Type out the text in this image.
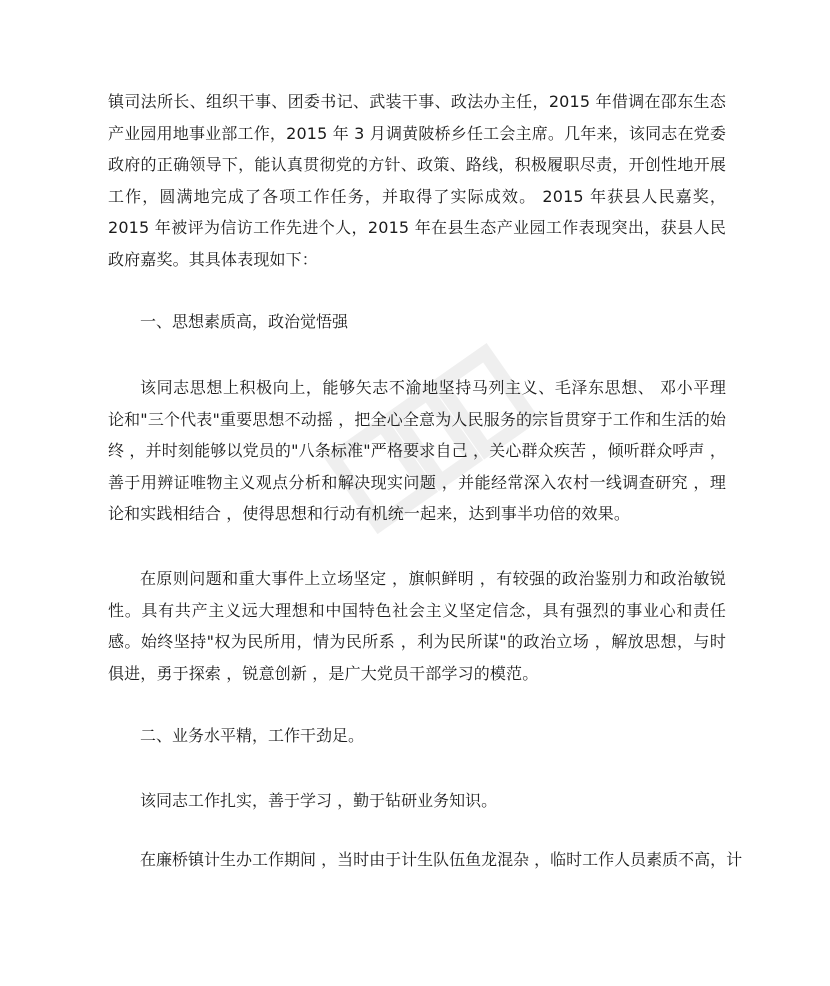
镇司法所长、组织干事、团委书记、武装干事、政法办主任，2015 年借调在邵东生态产业园用地事业部工作，2015 年 3 月调黄陂桥乡任工会主席。几年来，该同志在党委政府的正确领导下，能认真贯彻党的方针、政策、路线，积极履职尽责，开创性地开展工作，圆满地完成了各项工作任务，并取得了实际成效。 2015 年获县人民嘉奖，2015 年被评为信访工作先进个人，2015 年在县生态产业园工作表现突出，获县人民政府嘉奖。其具体表现如下：

一、思想素质高，政治觉悟强

该同志思想上积极向上，能够矢志不渝地坚持马列主义、毛泽东思想、 邓小平理论和"三个代表"重要思想不动摇 ，把全心全意为人民服务的宗旨贯穿于工作和生活的始终 ，并时刻能够以党员的"八条标准"严格要求自己 ，关心群众疾苦 ，倾听群众呼声 ，善于用辨证唯物主义观点分析和解决现实问题 ，并能经常深入农村一线调查研究 ，理论和实践相结合 ，使得思想和行动有机统一起来，达到事半功倍的效果。

在原则问题和重大事件上立场坚定 ，旗帜鲜明 ，有较强的政治鉴别力和政治敏锐性。具有共产主义远大理想和中国特色社会主义坚定信念，具有强烈的事业心和责任感。始终坚持"权为民所用，情为民所系 ，利为民所谋"的政治立场 ，解放思想，与时俱进，勇于探索 ，锐意创新 ，是广大党员干部学习的模范。

二、业务水平精，工作干劲足。

该同志工作扎实，善于学习 ，勤于钻研业务知识。

在廉桥镇计生办工作期间 ，当时由于计生队伍鱼龙混杂 ，临时工作人员素质不高，计
